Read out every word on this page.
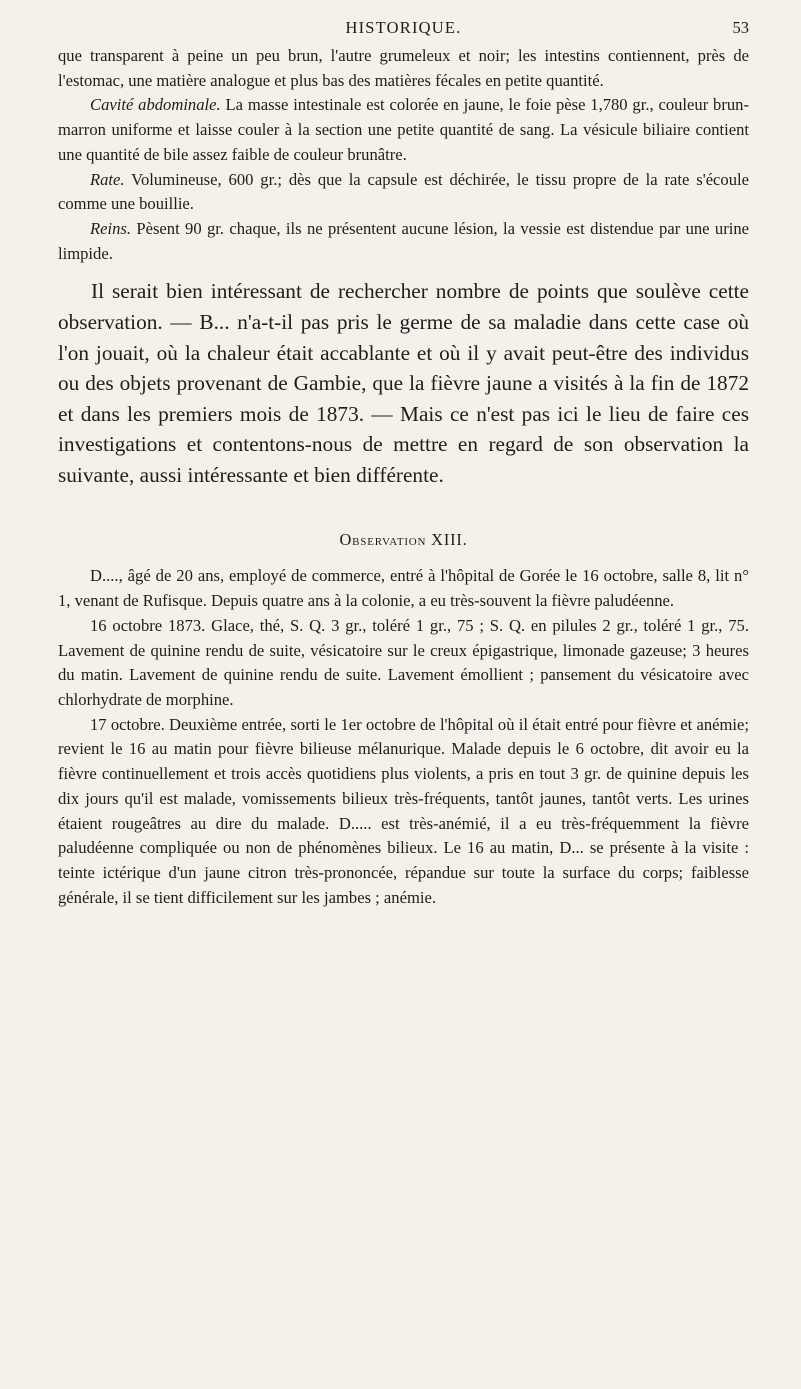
HISTORIQUE.	53

que transparent à peine un peu brun, l'autre grumeleux et noir; les intestins contiennent, près de l'estomac, une matière analogue et plus bas des matières fécales en petite quantité.

Cavité abdominale. La masse intestinale est colorée en jaune, le foie pèse 1,780 gr., couleur brun-marron uniforme et laisse couler à la section une petite quantité de sang. La vésicule biliaire contient une quantité de bile assez faible de couleur brunâtre.

Rate. Volumineuse, 600 gr.; dès que la capsule est déchirée, le tissu propre de la rate s'écoule comme une bouillie.

Reins. Pèsent 90 gr. chaque, ils ne présentent aucune lésion, la vessie est distendue par une urine limpide.

Il serait bien intéressant de rechercher nombre de points que soulève cette observation. — B... n'a-t-il pas pris le germe de sa maladie dans cette case où l'on jouait, où la chaleur était accablante et où il y avait peut-être des individus ou des objets provenant de Gambie, que la fièvre jaune a visités à la fin de 1872 et dans les premiers mois de 1873. — Mais ce n'est pas ici le lieu de faire ces investigations et contentons-nous de mettre en regard de son observation la suivante, aussi intéressante et bien différente.

Observation XIII.

D...., âgé de 20 ans, employé de commerce, entré à l'hôpital de Gorée le 16 octobre, salle 8, lit n° 1, venant de Rufisque. Depuis quatre ans à la colonie, a eu très-souvent la fièvre paludéenne.

16 octobre 1873. Glace, thé, S. Q. 3 gr., toléré 1 gr., 75 ; S. Q. en pilules 2 gr., toléré 1 gr., 75. Lavement de quinine rendu de suite, vésicatoire sur le creux épigastrique, limonade gazeuse; 3 heures du matin. Lavement de quinine rendu de suite. Lavement émollient ; pansement du vésicatoire avec chlorhydrate de morphine.

17 octobre. Deuxième entrée, sorti le 1er octobre de l'hôpital où il était entré pour fièvre et anémie; revient le 16 au matin pour fièvre bilieuse mélanurique. Malade depuis le 6 octobre, dit avoir eu la fièvre continuellement et trois accès quotidiens plus violents, a pris en tout 3 gr. de quinine depuis les dix jours qu'il est malade, vomissements bilieux très-fréquents, tantôt jaunes, tantôt verts. Les urines étaient rougeâtres au dire du malade. D..... est très-anémié, il a eu très-fréquemment la fièvre paludéenne compliquée ou non de phénomènes bilieux. Le 16 au matin, D... se présente à la visite : teinte ictérique d'un jaune citron très-prononcée, répandue sur toute la surface du corps; faiblesse générale, il se tient difficilement sur les jambes ; anémie.
